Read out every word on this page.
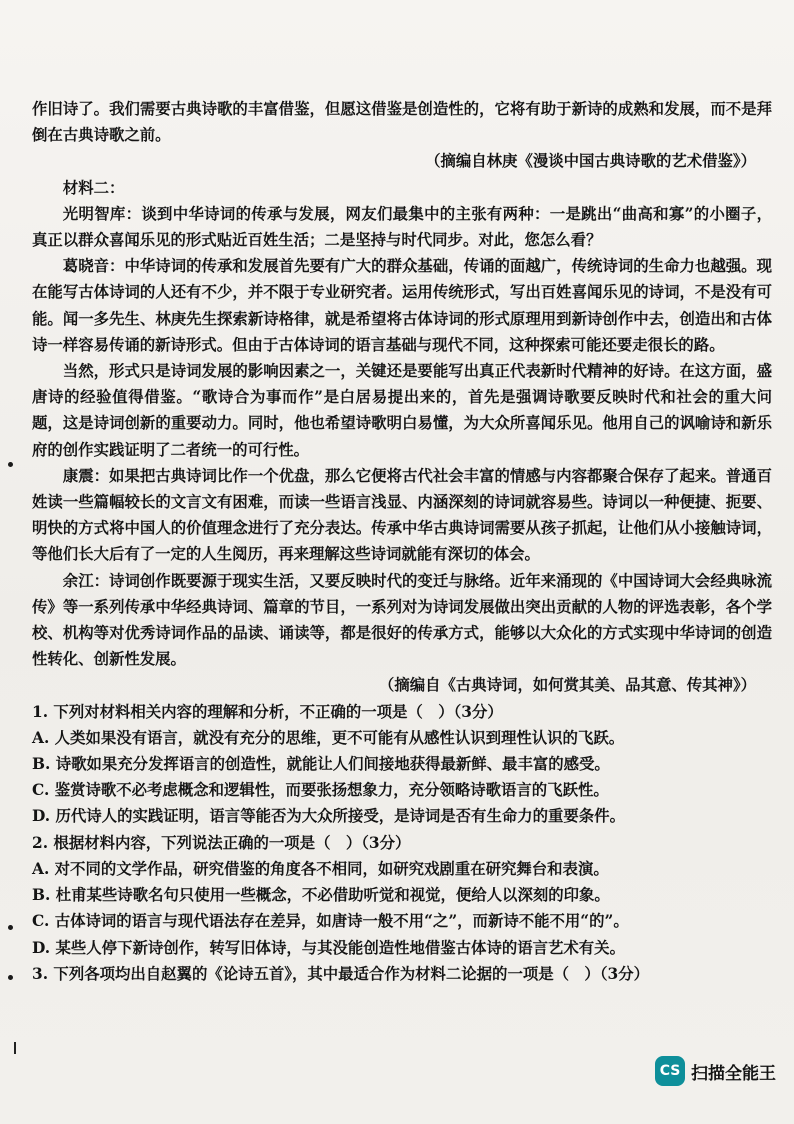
作旧诗了。我们需要古典诗歌的丰富借鉴，但愿这借鉴是创造性的，它将有助于新诗的成熟和发展，而不是拜倒在古典诗歌之前。

（摘编自林庚《漫谈中国古典诗歌的艺术借鉴》）

材料二：

光明智库：谈到中华诗词的传承与发展，网友们最集中的主张有两种：一是跳出“曲高和寡”的小圈子，真正以群众喜闻乐见的形式贴近百姓生活；二是坚持与时代同步。对此，您怎么看？

葛晓音：中华诗词的传承和发展首先要有广大的群众基础，传诵的面越广，传统诗词的生命力也越强。现在能写古体诗词的人还有不少，并不限于专业研究者。运用传统形式，写出百姓喜闻乐见的诗词，不是没有可能。闻一多先生、林庚先生探索新诗格律，就是希望将古体诗词的形式原理用到新诗创作中去，创造出和古体诗一样容易传诵的新诗形式。但由于古体诗词的语言基础与现代不同，这种探索可能还要走很长的路。

当然，形式只是诗词发展的影响因素之一，关键还是要能写出真正代表新时代精神的好诗。在这方面，盛唐诗的经验值得借鉴。“歌诗合为事而作”是白居易提出来的，首先是强调诗歌要反映时代和社会的重大问题，这是诗词创新的重要动力。同时，他也希望诗歌明白易懂，为大众所喜闻乐见。他用自己的讽喻诗和新乐府的创作实践证明了二者统一的可行性。

康震：如果把古典诗词比作一个优盘，那么它便将古代社会丰富的情感与内容都聚合保存了起来。普通百姓读一些篇幅较长的文言文有困难，而读一些语言浅显、内涵深刻的诗词就容易些。诗词以一种便捷、扼要、明快的方式将中国人的价值理念进行了充分表达。传承中华古典诗词需要从孩子抓起，让他们从小接触诗词，等他们长大后有了一定的人生阅历，再来理解这些诗词就能有深切的体会。

余江：诗词创作既要源于现实生活，又要反映时代的变迁与脉络。近年来涌现的《中国诗词大会经典咏流传》等一系列传承中华经典诗词、篇章的节目，一系列对为诗词发展做出突出贡献的人物的评选表彰，各个学校、机构等对优秀诗词作品的品读、诵读等，都是很好的传承方式，能够以大众化的方式实现中华诗词的创造性转化、创新性发展。

（摘编自《古典诗词，如何赏其美、品其意、传其神》）

1. 下列对材料相关内容的理解和分析，不正确的一项是（　）（3分）

A. 人类如果没有语言，就没有充分的思维，更不可能有从感性认识到理性认识的飞跃。

B. 诗歌如果充分发挥语言的创造性，就能让人们间接地获得最新鲜、最丰富的感受。

C. 鉴赏诗歌不必考虑概念和逻辑性，而要张扬想象力，充分领略诗歌语言的飞跃性。

D. 历代诗人的实践证明，语言等能否为大众所接受，是诗词是否有生命力的重要条件。

2. 根据材料内容，下列说法正确的一项是（　）（3分）

A. 对不同的文学作品，研究借鉴的角度各不相同，如研究戏剧重在研究舞台和表演。

B. 杜甫某些诗歌名句只使用一些概念，不必借助听觉和视觉，便给人以深刻的印象。

C. 古体诗词的语言与现代语法存在差异，如唐诗一般不用“之”，而新诗不能不用“的”。

D. 某些人停下新诗创作，转写旧体诗，与其没能创造性地借鉴古体诗的语言艺术有关。

3. 下列各项均出自赵翼的《论诗五首》，其中最适合作为材料二论据的一项是（　）（3分）

CS 扫描全能王
